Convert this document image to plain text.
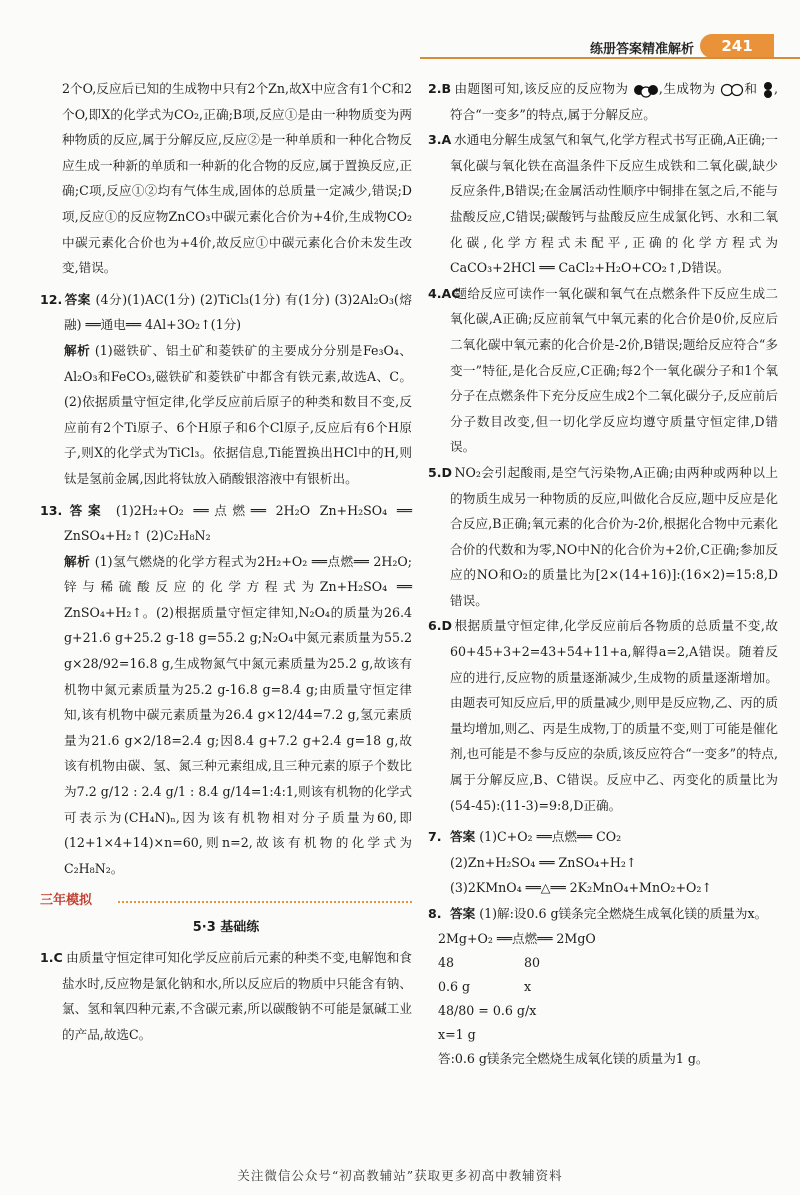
练册答案精准解析	241

2个O,反应后已知的生成物中只有2个Zn,故X中应含有1个C和2个O,即X的化学式为CO₂,正确;B项,反应①是由一种物质变为两种物质的反应,属于分解反应,反应②是一种单质和一种化合物反应生成一种新的单质和一种新的化合物的反应,属于置换反应,正确;C项,反应①②均有气体生成,固体的总质量一定减少,错误;D项,反应①的反应物ZnCO₃中碳元素化合价为+4价,生成物CO₂中碳元素化合价也为+4价,故反应①中碳元素化合价未发生改变,错误。

12. 答案 (4分)(1)AC(1分) (2)TiCl₃(1分) 有(1分) (3)2Al₂O₃(熔融) ══通电══ 4Al+3O₂↑(1分)

解析 (1)磁铁矿、铝土矿和菱铁矿的主要成分分别是Fe₃O₄、Al₂O₃和FeCO₃,磁铁矿和菱铁矿中都含有铁元素,故选A、C。(2)依据质量守恒定律,化学反应前后原子的种类和数目不变,反应前有2个Ti原子、6个H原子和6个Cl原子,反应后有6个H原子,则X的化学式为TiCl₃。依据信息,Ti能置换出HCl中的H,则钛是氢前金属,因此将钛放入硝酸银溶液中有银析出。

13. 答案 (1)2H₂+O₂ ══点燃══ 2H₂O Zn+H₂SO₄ ══ ZnSO₄+H₂↑ (2)C₂H₈N₂

解析 (1)氢气燃烧的化学方程式为2H₂+O₂ ══点燃══ 2H₂O;锌与稀硫酸反应的化学方程式为Zn+H₂SO₄ ══ ZnSO₄+H₂↑。(2)根据质量守恒定律知,N₂O₄的质量为26.4 g+21.6 g+25.2 g-18 g=55.2 g;N₂O₄中氮元素质量为55.2 g×28/92=16.8 g,生成物氮气中氮元素质量为25.2 g,故该有机物中氮元素质量为25.2 g-16.8 g=8.4 g;由质量守恒定律知,该有机物中碳元素质量为26.4 g×12/44=7.2 g,氢元素质量为21.6 g×2/18=2.4 g;因8.4 g+7.2 g+2.4 g=18 g,故该有机物由碳、氢、氮三种元素组成,且三种元素的原子个数比为7.2 g/12 : 2.4 g/1 : 8.4 g/14=1:4:1,则该有机物的化学式可表示为(CH₄N)ₙ,因为该有机物相对分子质量为60,即(12+1×4+14)×n=60,则n=2,故该有机物的化学式为C₂H₈N₂。

三年模拟
5·3 基础练

1.C 由质量守恒定律可知化学反应前后元素的种类不变,电解饱和食盐水时,反应物是氯化钠和水,所以反应后的物质中只能含有钠、氯、氢和氧四种元素,不含碳元素,所以碳酸钠不可能是氯碱工业的产品,故选C。

2.B 由题图可知,该反应的反应物为 ,生成物为 和 ,符合“一变多”的特点,属于分解反应。

3.A 水通电分解生成氢气和氧气,化学方程式书写正确,A正确;一氧化碳与氧化铁在高温条件下反应生成铁和二氧化碳,缺少反应条件,B错误;在金属活动性顺序中铜排在氢之后,不能与盐酸反应,C错误;碳酸钙与盐酸反应生成氯化钙、水和二氧化碳,化学方程式未配平,正确的化学方程式为CaCO₃+2HCl ══ CaCl₂+H₂O+CO₂↑,D错误。

4.AC 题给反应可读作一氧化碳和氧气在点燃条件下反应生成二氧化碳,A正确;反应前氧气中氧元素的化合价是0价,反应后二氧化碳中氧元素的化合价是-2价,B错误;题给反应符合“多变一”特征,是化合反应,C正确;每2个一氧化碳分子和1个氧分子在点燃条件下充分反应生成2个二氧化碳分子,反应前后分子数目改变,但一切化学反应均遵守质量守恒定律,D错误。

5.D NO₂会引起酸雨,是空气污染物,A正确;由两种或两种以上的物质生成另一种物质的反应,叫做化合反应,题中反应是化合反应,B正确;氧元素的化合价为-2价,根据化合物中元素化合价的代数和为零,NO中N的化合价为+2价,C正确;参加反应的NO和O₂的质量比为[2×(14+16)]:(16×2)=15:8,D错误。

6.D 根据质量守恒定律,化学反应前后各物质的总质量不变,故60+45+3+2=43+54+11+a,解得a=2,A错误。随着反应的进行,反应物的质量逐渐减少,生成物的质量逐渐增加。由题表可知反应后,甲的质量减少,则甲是反应物,乙、丙的质量均增加,则乙、丙是生成物,丁的质量不变,则丁可能是催化剂,也可能是不参与反应的杂质,该反应符合“一变多”的特点,属于分解反应,B、C错误。反应中乙、丙变化的质量比为(54-45):(11-3)=9:8,D正确。

7. 答案 (1)C+O₂ ══点燃══ CO₂

(2)Zn+H₂SO₄ ══ ZnSO₄+H₂↑

(3)2KMnO₄ ══△══ 2K₂MnO₄+MnO₂+O₂↑

8. 答案 (1)解:设0.6 g镁条完全燃烧生成氧化镁的质量为x。

2Mg+O₂ ══点燃══ 2MgO
48	80
0.6 g	x
48/80 = 0.6 g/x
x=1 g
答:0.6 g镁条完全燃烧生成氧化镁的质量为1 g。
关注微信公众号“初高教辅站”获取更多初高中教辅资料
